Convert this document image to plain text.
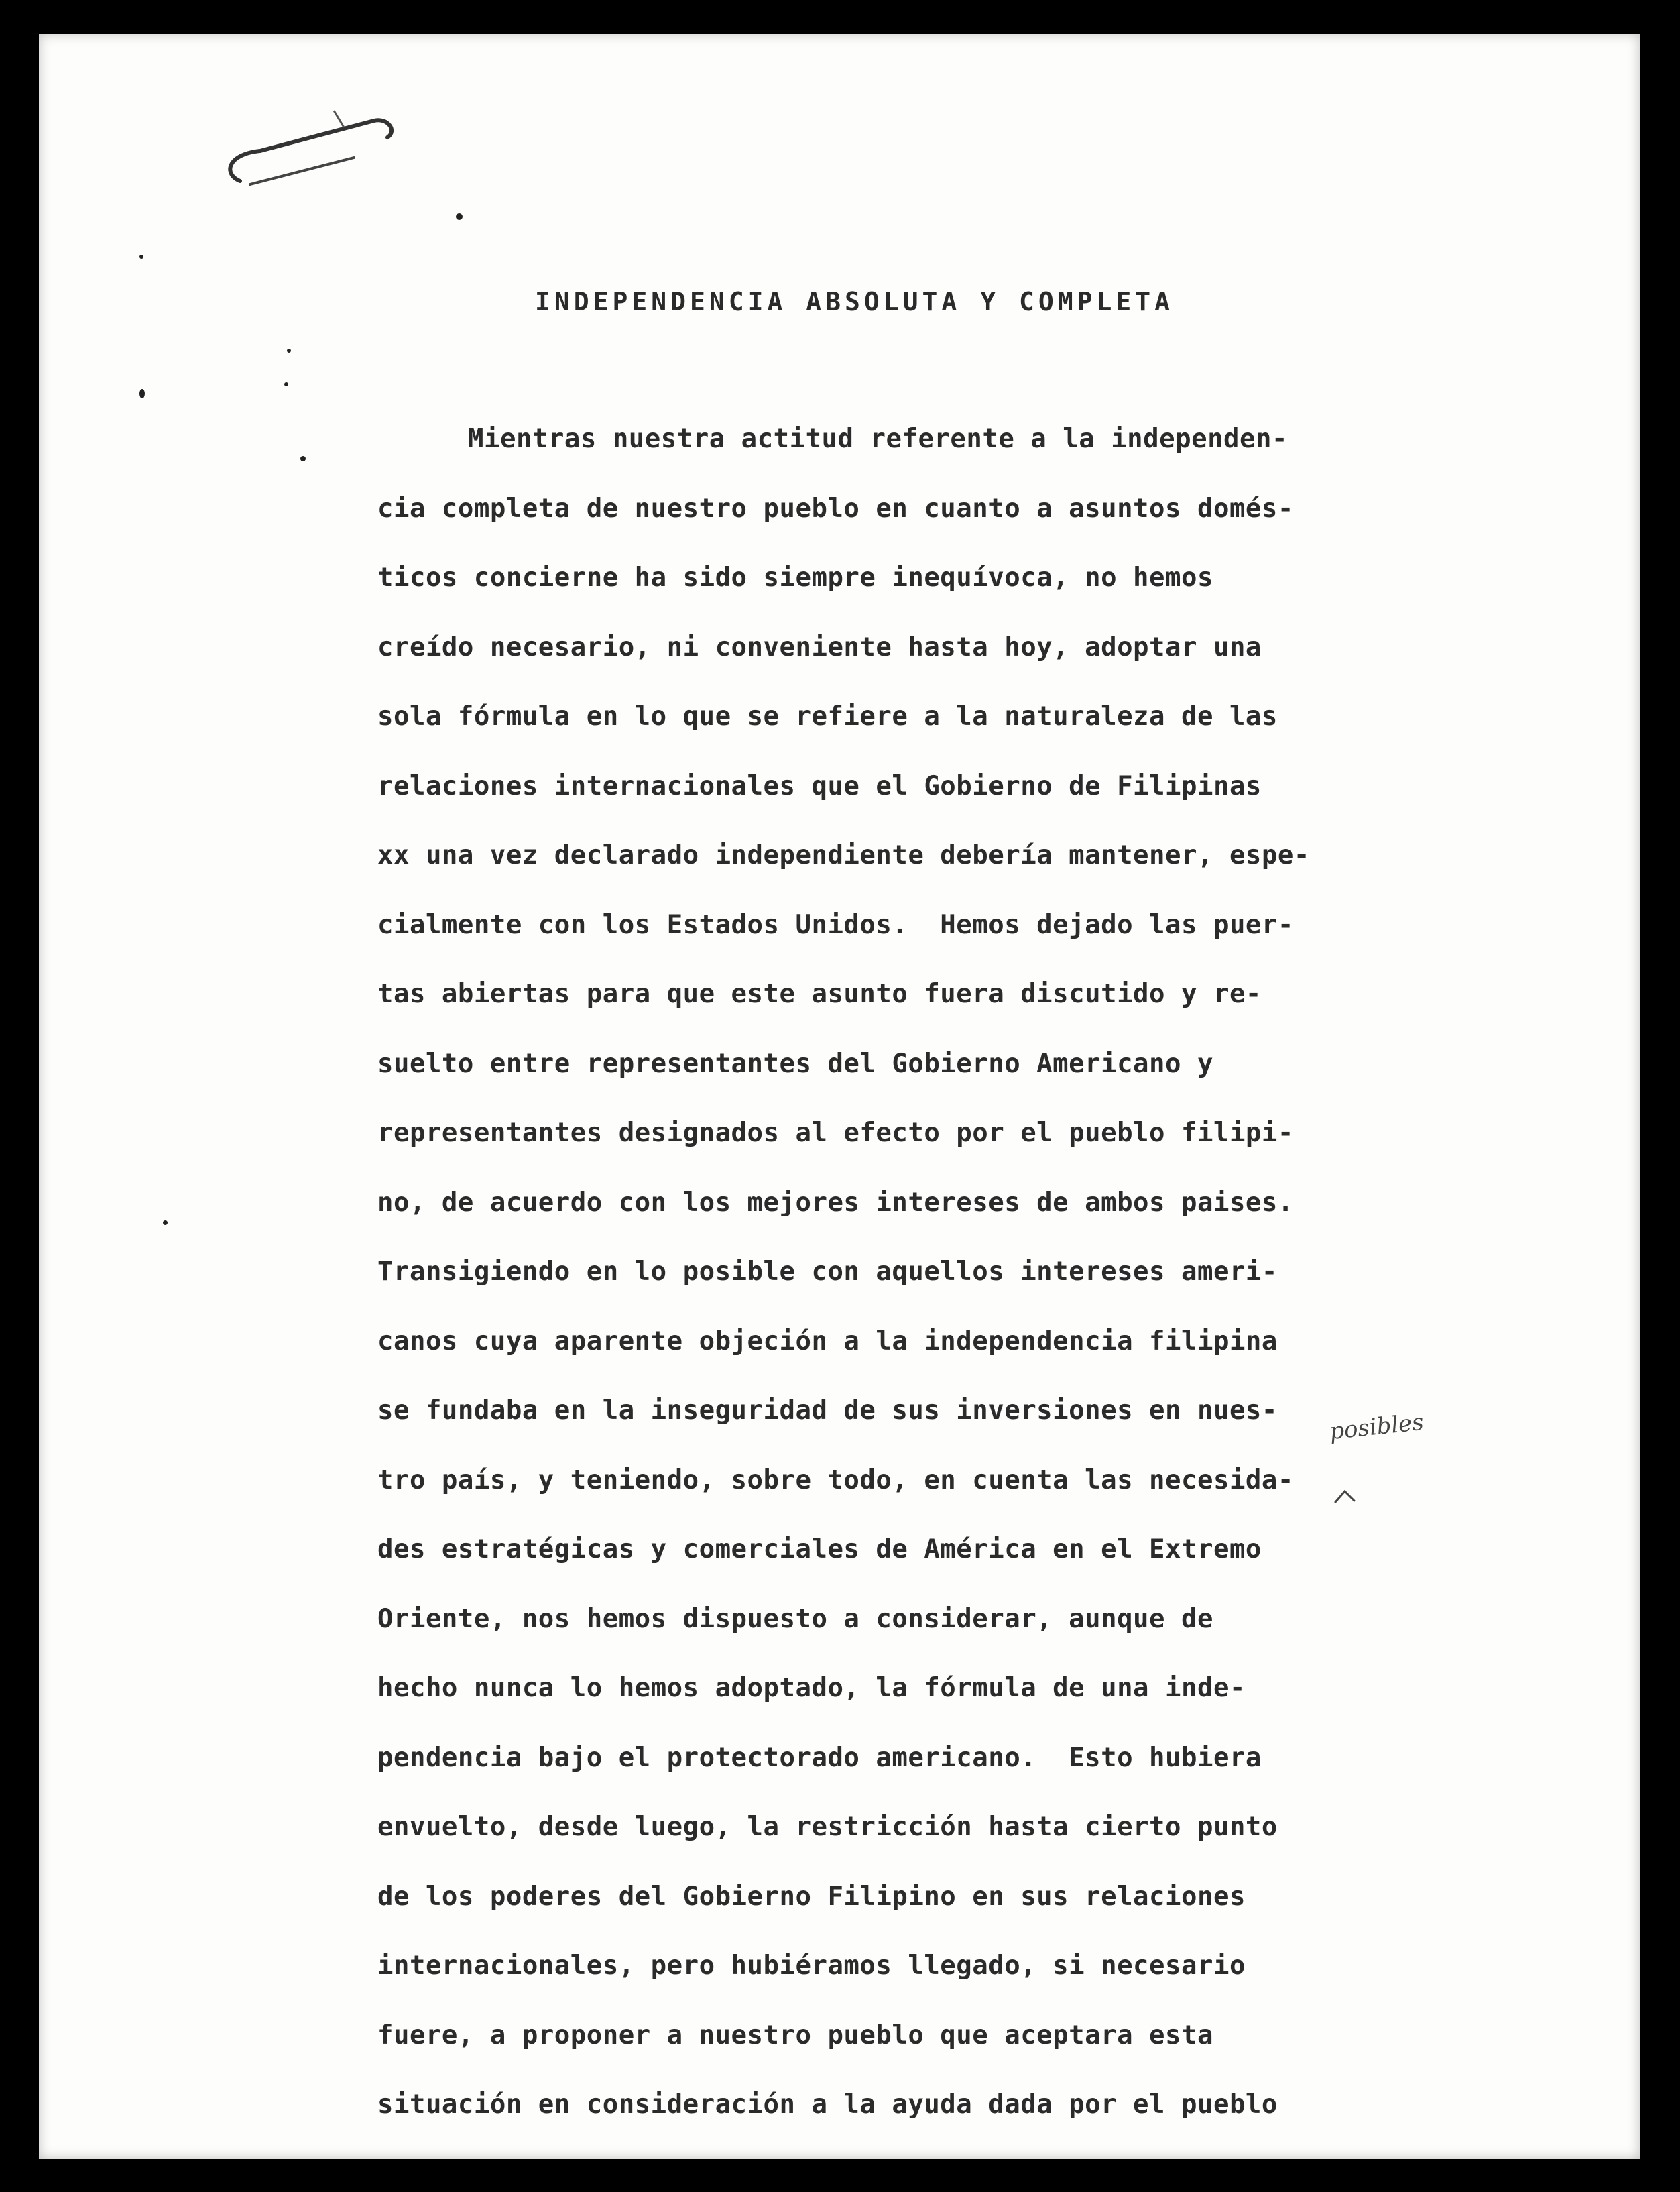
INDEPENDENCIA ABSOLUTA Y COMPLETA
Mientras nuestra actitud referente a la independen-
cia completa de nuestro pueblo en cuanto a asuntos domés-
ticos concierne ha sido siempre inequívoca, no hemos
creído necesario, ni conveniente hasta hoy, adoptar una
sola fórmula en lo que se refiere a la naturaleza de las
relaciones internacionales que el Gobierno de Filipinas
xx una vez declarado independiente debería mantener, espe-
cialmente con los Estados Unidos.  Hemos dejado las puer-
tas abiertas para que este asunto fuera discutido y re-
suelto entre representantes del Gobierno Americano y
representantes designados al efecto por el pueblo filipi-
no, de acuerdo con los mejores intereses de ambos paises.
Transigiendo en lo posible con aquellos intereses ameri-
canos cuya aparente objeción a la independencia filipina
se fundaba en la inseguridad de sus inversiones en nues-
tro país, y teniendo, sobre todo, en cuenta las necesida-
des estratégicas y comerciales de América en el Extremo
Oriente, nos hemos dispuesto a considerar, aunque de
hecho nunca lo hemos adoptado, la fórmula de una inde-
pendencia bajo el protectorado americano.  Esto hubiera
envuelto, desde luego, la restricción hasta cierto punto
de los poderes del Gobierno Filipino en sus relaciones
internacionales, pero hubiéramos llegado, si necesario
fuere, a proponer a nuestro pueblo que aceptara esta
situación en consideración a la ayuda dada por el pueblo
posibles
